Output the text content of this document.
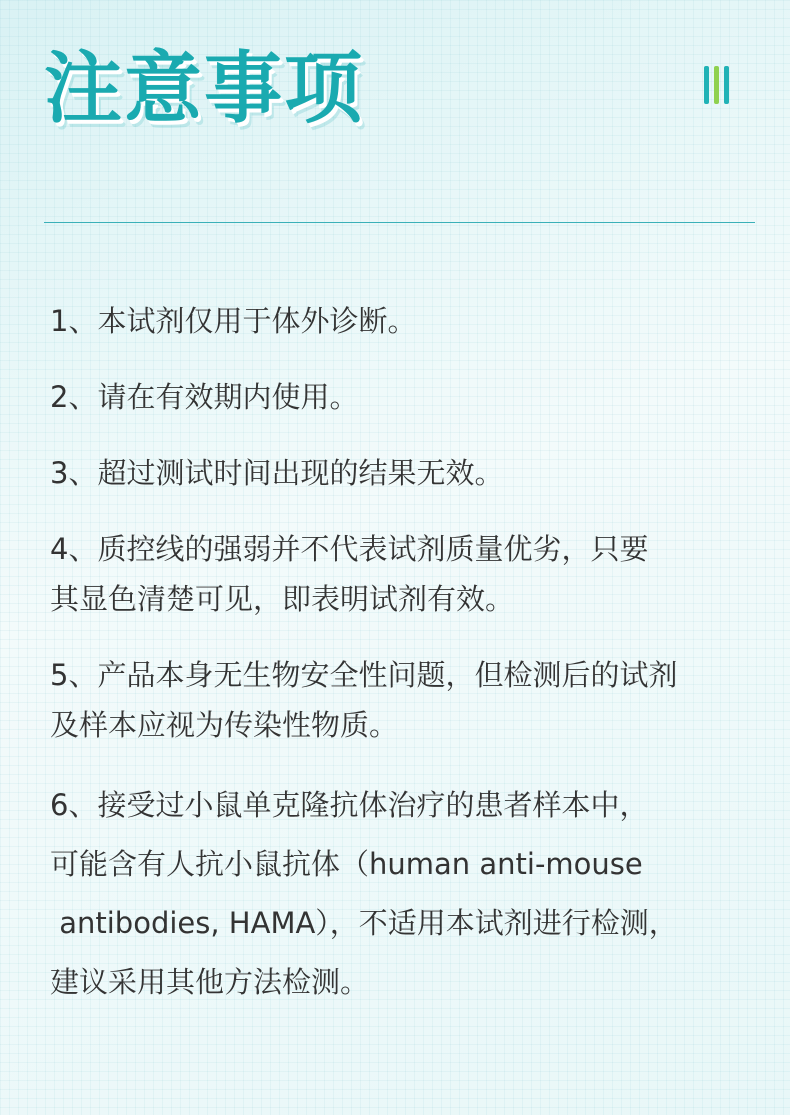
注意事项

1、本试剂仅用于体外诊断。

2、请在有效期内使用。

3、超过测试时间出现的结果无效。

4、质控线的强弱并不代表试剂质量优劣，只要
其显色清楚可见，即表明试剂有效。

5、产品本身无生物安全性问题，但检测后的试剂
及样本应视为传染性物质。

6、接受过小鼠单克隆抗体治疗的患者样本中，
可能含有人抗小鼠抗体（human anti-mouse
antibodies, HAMA），不适用本试剂进行检测，
建议采用其他方法检测。
